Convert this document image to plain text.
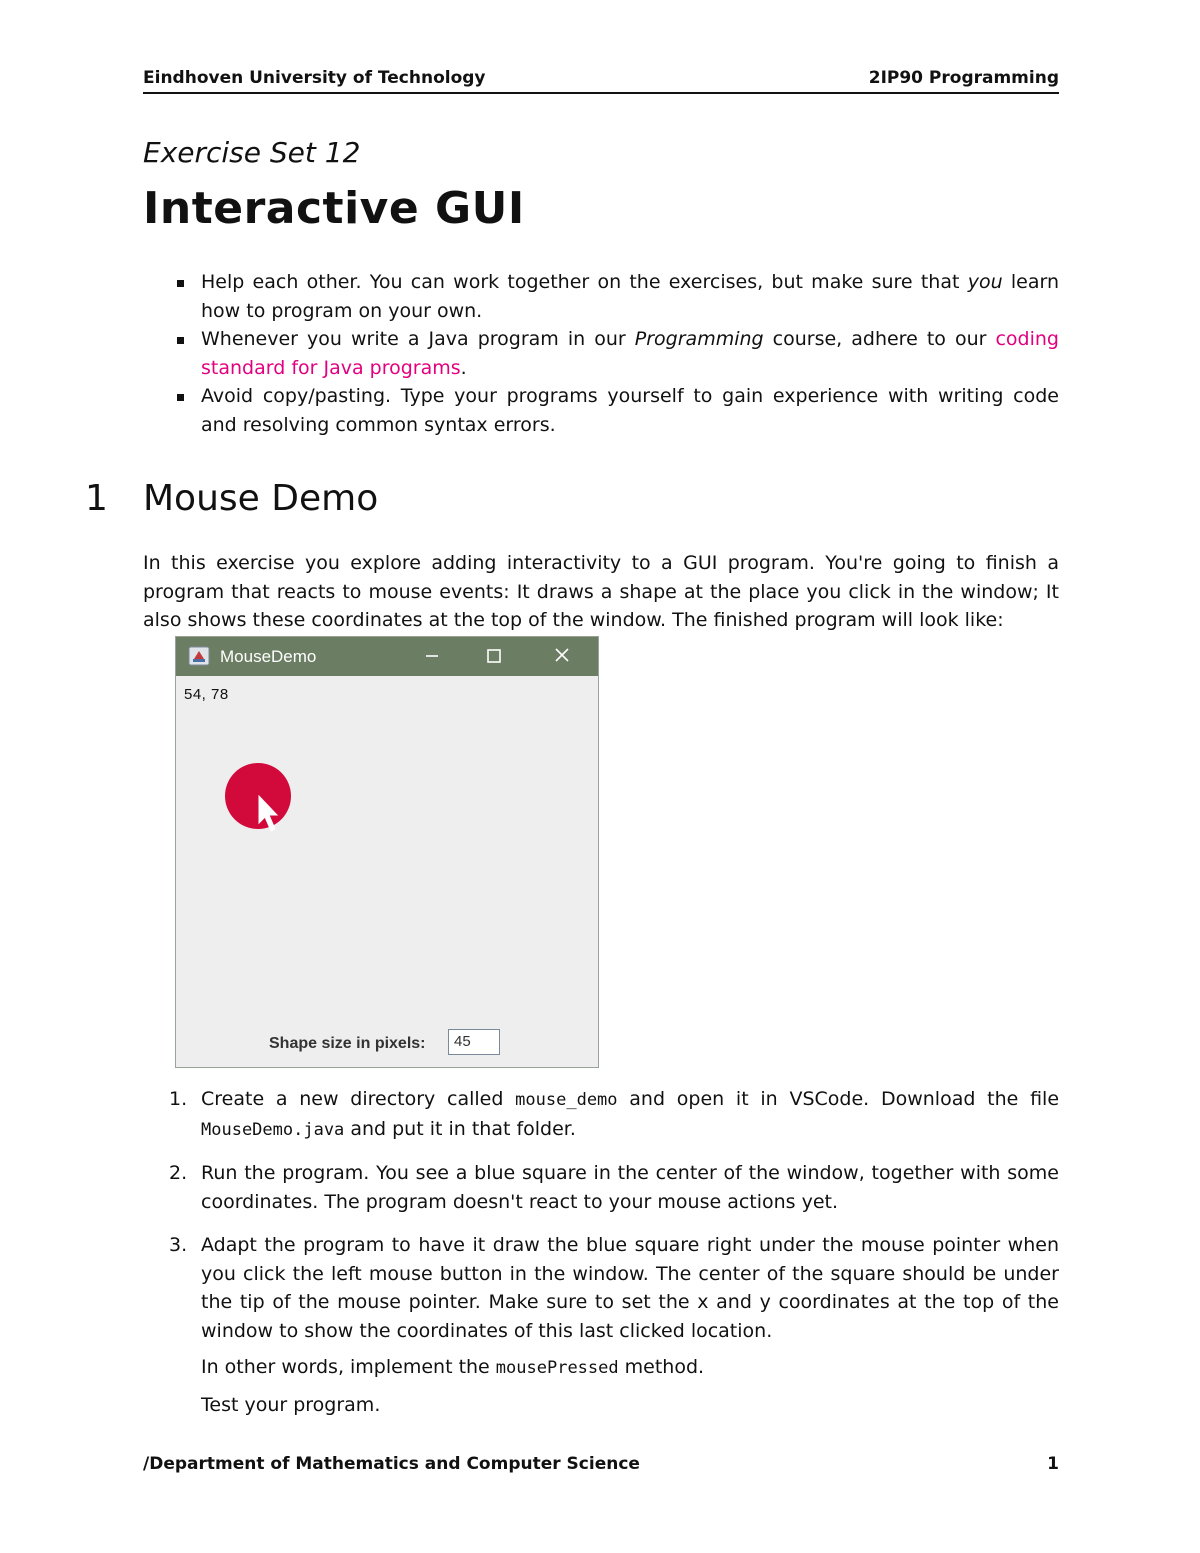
Eindhoven University of Technology	2IP90 Programming
Exercise Set 12
Interactive GUI
Help each other. You can work together on the exercises, but make sure that you learn how to program on your own.
Whenever you write a Java program in our Programming course, adhere to our coding standard for Java programs.
Avoid copy/pasting. Type your programs yourself to gain experience with writing code and resolving common syntax errors.
1 Mouse Demo

In this exercise you explore adding interactivity to a GUI program. You're going to finish a program that reacts to mouse events: It draws a shape at the place you click in the window; It also shows these coordinates at the top of the window. The finished program will look like:

MouseDemo
54, 78
Shape size in pixels:	45
1. Create a new directory called mouse_demo and open it in VSCode. Download the file MouseDemo.java and put it in that folder.

2. Run the program. You see a blue square in the center of the window, together with some coordinates. The program doesn't react to your mouse actions yet.

3. Adapt the program to have it draw the blue square right under the mouse pointer when you click the left mouse button in the window. The center of the square should be under the tip of the mouse pointer. Make sure to set the x and y coordinates at the top of the window to show the coordinates of this last clicked location.

In other words, implement the mousePressed method.

Test your program.

/Department of Mathematics and Computer Science	1
